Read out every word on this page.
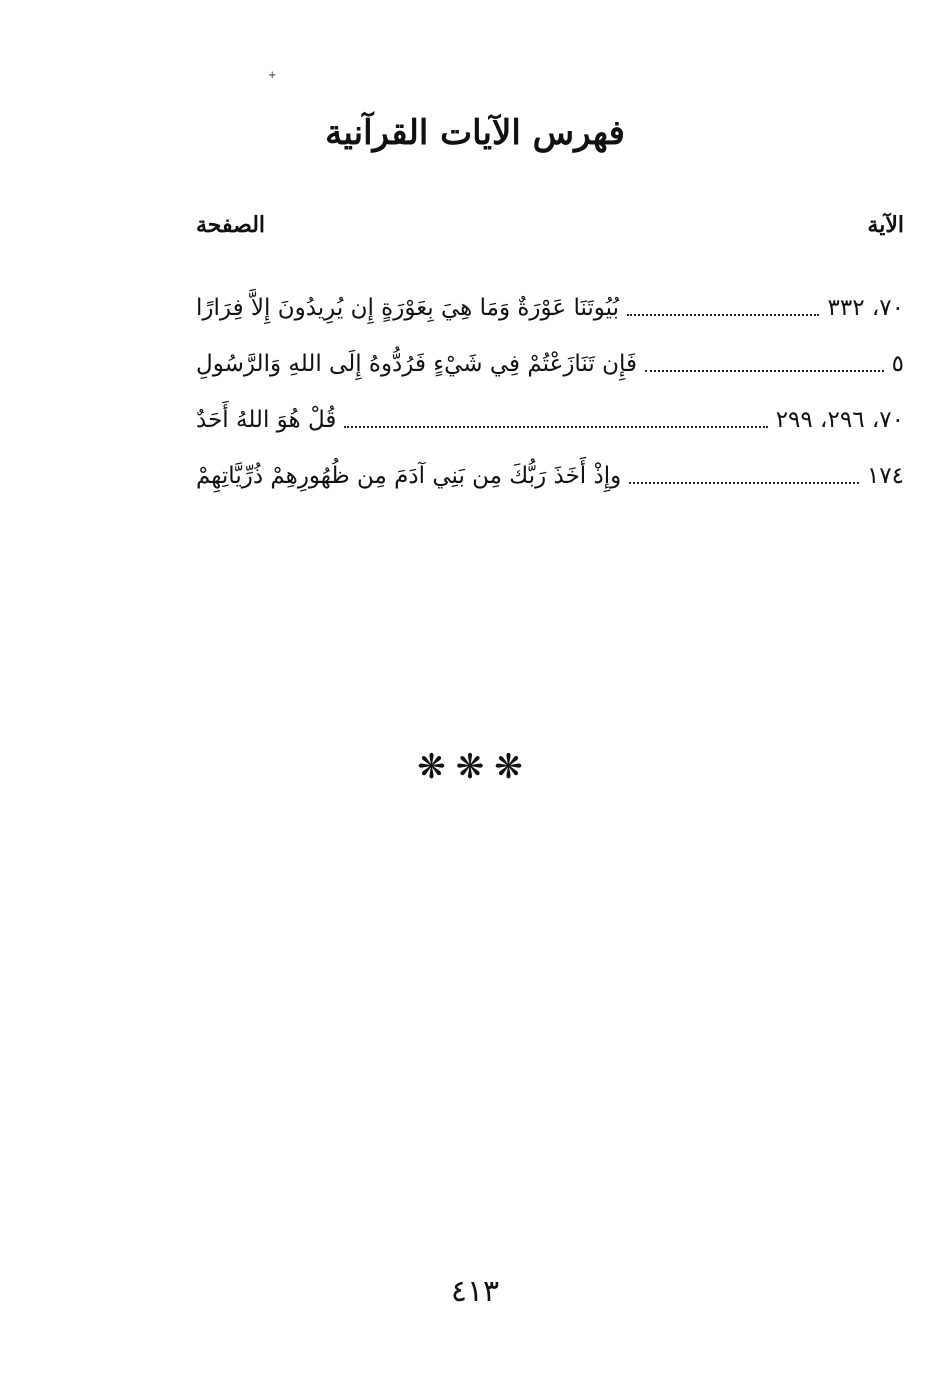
+
فهرس الآيات القرآنية
الآية
الصفحة
بُيُوتَنَا عَوْرَةٌ وَمَا هِيَ بِعَوْرَةٍ إِن يُرِيدُونَ إِلاَّ فِرَارًا	٧٠، ٣٣٢
فَإِن تَنَازَعْتُمْ فِي شَيْءٍ فَرُدُّوهُ إِلَى اللهِ وَالرَّسُولِ	٥
قُلْ هُوَ اللهُ أَحَدٌ	٧٠، ٢٩٦، ٢٩٩
وإِذْ أَخَذَ رَبُّكَ مِن بَنِي آدَمَ مِن ظُهُورِهِمْ ذُرِّيَّاتِهِمْ	١٧٤
❋❋❋
٤١٣
